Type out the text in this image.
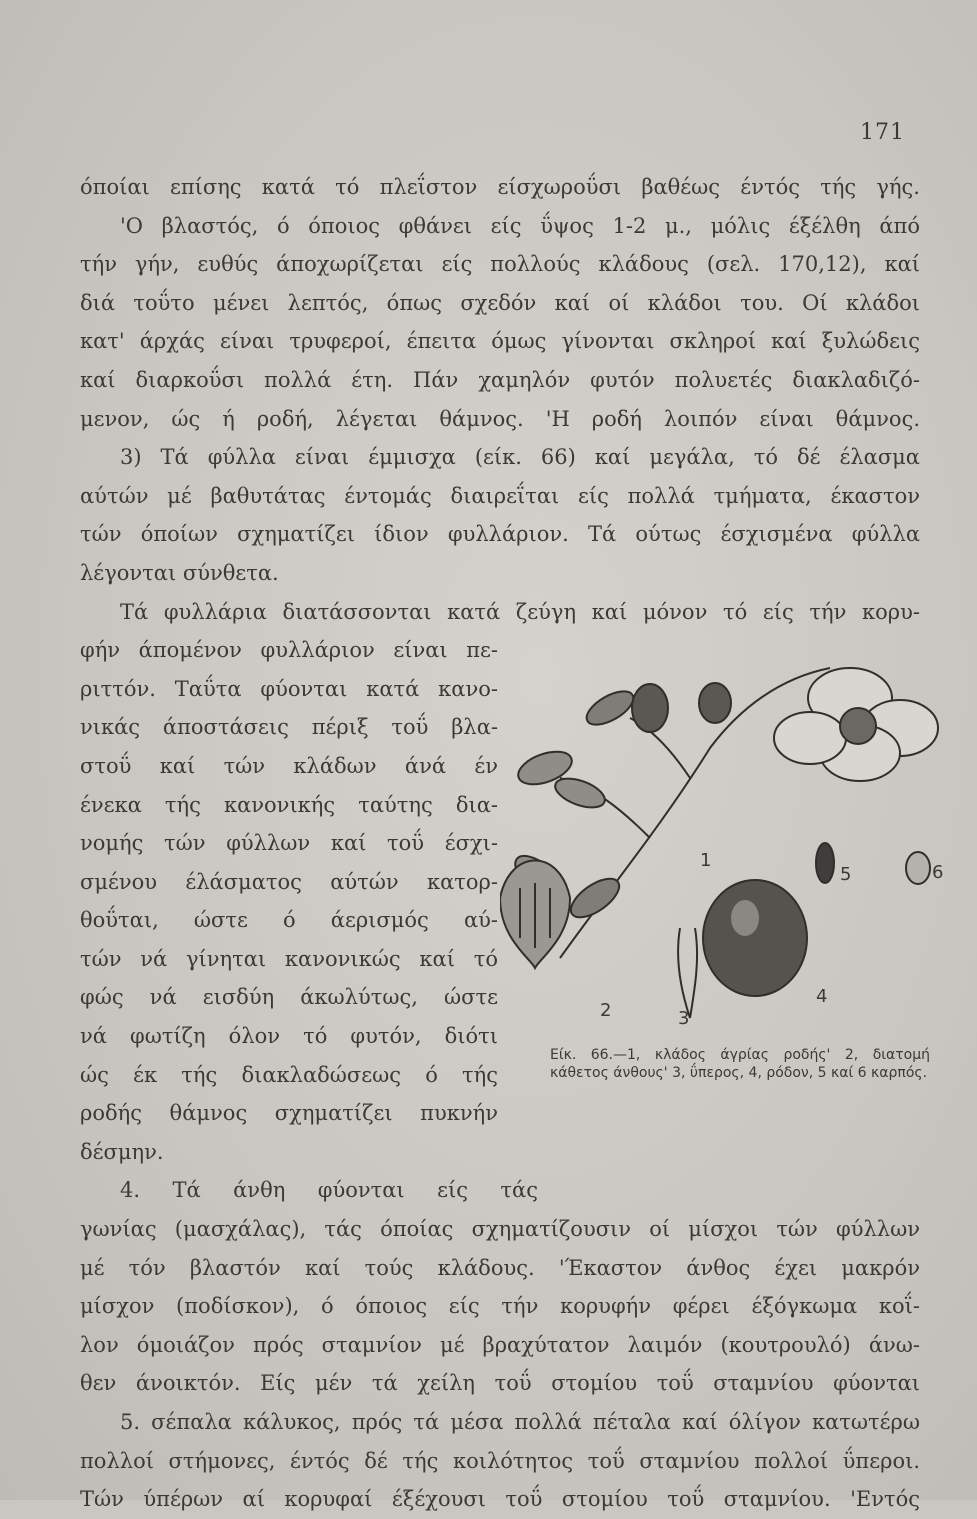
171
όποίαι επίσης κατά τό πλεΐστον είσχωροΰσι βαθέως έντός τής γής.
'Ο βλαστός, ό όποιος φθάνει είς ΰψος 1-2 μ., μόλις έξέλθη άπό
τήν γήν, ευθύς άποχωρίζεται είς πολλούς κλάδους (σελ. 170,12), καί
διά τοΰτο μένει λεπτός, όπως σχεδόν καί οί κλάδοι του. Οί κλάδοι
κατ' άρχάς είναι τρυφεροί, έπειτα όμως γίνονται σκληροί καί ξυλώδεις
καί διαρκοΰσι πολλά έτη. Πάν χαμηλόν φυτόν πολυετές διακλαδιζό-
μενον, ώς ή ροδή, λέγεται θάμνος. 'Η ροδή λοιπόν είναι θάμνος.
3) Τά φύλλα είναι έμμισχα (είκ. 66) καί μεγάλα, τό δέ έλασμα
αύτών μέ βαθυτάτας έντομάς διαιρεΐται είς πολλά τμήματα, έκαστον
τών όποίων σχηματίζει ίδιον φυλλάριον. Τά ούτως έσχισμένα φύλλα
λέγονται σύνθετα.
Τά φυλλάρια διατάσσονται κατά ζεύγη καί μόνον τό είς τήν κορυ-
φήν άπομένον φυλλάριον είναι πε-
ριττόν. Ταΰτα φύονται κατά κανο-
νικάς άποστάσεις πέριξ τοΰ βλα-
στοΰ καί τών κλάδων άνά έν
ένεκα τής κανονικής ταύτης δια-
νομής τών φύλλων καί τοΰ έσχι-
σμένου έλάσματος αύτών κατορ-
θοΰται, ώστε ό άερισμός αύ-
τών νά γίνηται κανονικώς καί τό
φώς νά εισδύη άκωλύτως, ώστε
νά φωτίζη όλον τό φυτόν, διότι
ώς έκ τής διακλαδώσεως ό τής
ροδής θάμνος σχηματίζει πυκνήν
δέσμην.
4. Τά άνθη φύονται είς τάς
γωνίας (μασχάλας), τάς όποίας σχηματίζουσιν οί μίσχοι τών φύλλων
μέ τόν βλαστόν καί τούς κλάδους. 'Έκαστον άνθος έχει μακρόν
μίσχον (ποδίσκον), ό όποιος είς τήν κορυφήν φέρει έξόγκωμα κοΐ-
λον όμοιάζον πρός σταμνίον μέ βραχύτατον λαιμόν (κουτρουλό) άνω-
θεν άνοικτόν. Είς μέν τά χείλη τοΰ στομίου τοΰ σταμνίου φύονται
5. σέπαλα κάλυκος, πρός τά μέσα πολλά πέταλα καί όλίγον κατωτέρω
πολλοί στήμονες, έντός δέ τής κοιλότητος τοΰ σταμνίου πολλοί ΰπεροι.
Τών ύπέρων αί κορυφαί έξέχουσι τοΰ στομίου τοΰ σταμνίου. 'Εντός
1
2	3
4
5	6
Είκ. 66.—1, κλάδος άγρίας ροδής' 2, διατομή κάθετος άνθους' 3, ΰπερος, 4, ρόδον, 5 καί 6 καρπός.
